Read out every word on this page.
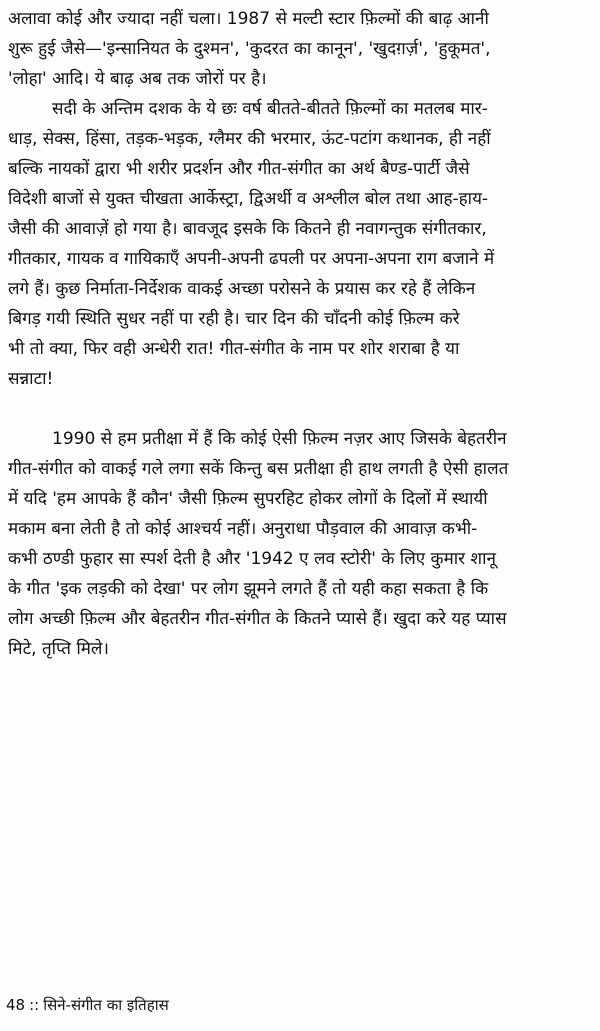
अलावा कोई और ज्यादा नहीं चला। 1987 से मल्टी स्टार फ़िल्मों की बाढ़ आनी
शुरू हुई जैसे—'इन्सानियत के दुश्मन', 'कुदरत का कानून', 'खुदग़र्ज़', 'हुकूमत',
'लोहा' आदि। ये बाढ़ अब तक जोरों पर है।
सदी के अन्तिम दशक के ये छः वर्ष बीतते-बीतते फ़िल्मों का मतलब मार-
धाड़, सेक्स, हिंसा, तड़क-भड़क, ग्लैमर की भरमार, ऊंट-पटांग कथानक, ही नहीं
बल्कि नायकों द्वारा भी शरीर प्रदर्शन और गीत-संगीत का अर्थ बैण्ड-पार्टी जैसे
विदेशी बाजों से युक्त चीखता आर्केस्ट्रा, द्विअर्थी व अश्लील बोल तथा आह-हाय-
जैसी की आवाज़ें हो गया है। बावजूद इसके कि कितने ही नवागन्तुक संगीतकार,
गीतकार, गायक व गायिकाएँ अपनी-अपनी ढपली पर अपना-अपना राग बजाने में
लगे हैं। कुछ निर्माता-निर्देशक वाकई अच्छा परोसने के प्रयास कर रहे हैं लेकिन
बिगड़ गयी स्थिति सुधर नहीं पा रही है। चार दिन की चाँदनी कोई फ़िल्म करे
भी तो क्या, फिर वही अन्धेरी रात! गीत-संगीत के नाम पर शोर शराबा है या
सन्नाटा!
1990 से हम प्रतीक्षा में हैं कि कोई ऐसी फ़िल्म नज़र आए जिसके बेहतरीन
गीत-संगीत को वाकई गले लगा सकें किन्तु बस प्रतीक्षा ही हाथ लगती है ऐसी हालत
में यदि 'हम आपके हैं कौन' जैसी फ़िल्म सुपरहिट होकर लोगों के दिलों में स्थायी
मकाम बना लेती है तो कोई आश्चर्य नहीं। अनुराधा पौड़वाल की आवाज़ कभी-
कभी ठण्डी फुहार सा स्पर्श देती है और '1942 ए लव स्टोरी' के लिए कुमार शानू
के गीत 'इक लड़की को देखा' पर लोग झूमने लगते हैं तो यही कहा सकता है कि
लोग अच्छी फ़िल्म और बेहतरीन गीत-संगीत के कितने प्यासे हैं। खुदा करे यह प्यास
मिटे, तृप्ति मिले।
48 :: सिने-संगीत का इतिहास
